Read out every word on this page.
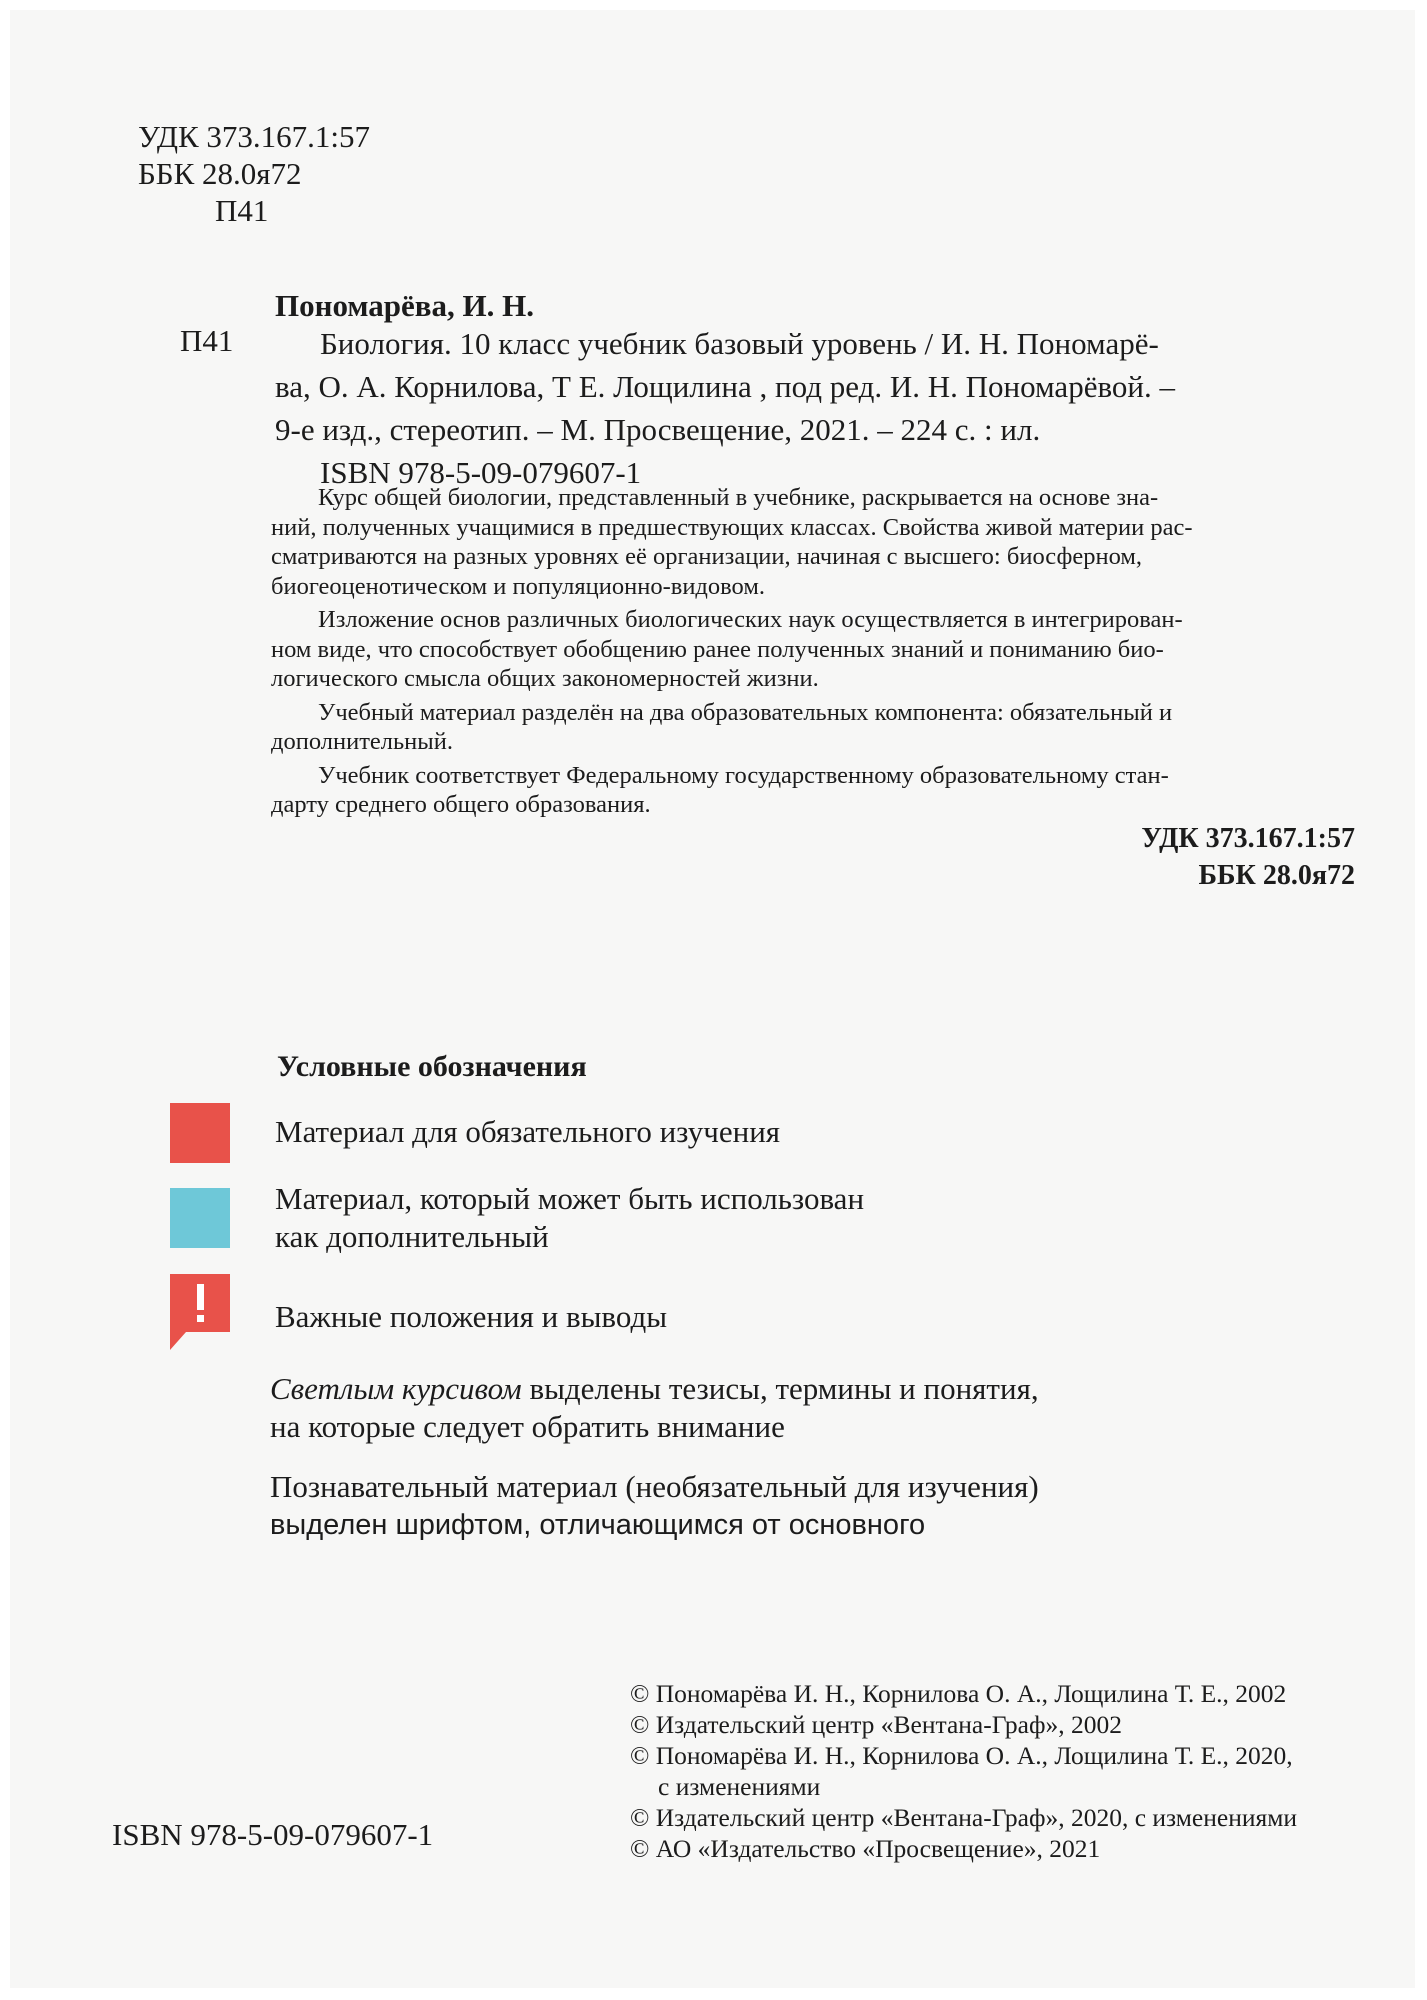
УДК 373.167.1:57
ББК 28.0я72
П41
Пономарёва, И. Н.
П41	Биология. 10 класс учебник базовый уровень / И. Н. Пономарё-
ва, О. А. Корнилова, Т Е. Лощилина , под ред. И. Н. Пономарёвой. –
9-е изд., стереотип. – М. Просвещение, 2021. – 224 с. : ил.
ISBN 978-5-09-079607-1

Курс общей биологии, представленный в учебнике, раскрывается на основе зна-
ний, полученных учащимися в предшествующих классах. Свойства живой материи рас-
сматриваются на разных уровнях её организации, начиная с высшего: биосферном,
биогеоценотическом и популяционно-видовом.

Изложение основ различных биологических наук осуществляется в интегрирован-
ном виде, что способствует обобщению ранее полученных знаний и пониманию био-
логического смысла общих закономерностей жизни.

Учебный материал разделён на два образовательных компонента: обязательный и
дополнительный.

Учебник соответствует Федеральному государственному образовательному стан-
дарту среднего общего образования.

УДК 373.167.1:57
ББК 28.0я72
Условные обозначения
Материал для обязательного изучения
Материал, который может быть использован
как дополнительный
Важные положения и выводы
Светлым курсивом выделены тезисы, термины и понятия,
на которые следует обратить внимание
Познавательный материал (необязательный для изучения)
выделен шрифтом, отличающимся от основного
ISBN 978-5-09-079607-1
© Пономарёва И. Н., Корнилова О. А., Лощилина Т. Е., 2002
© Издательский центр «Вентана-Граф», 2002
© Пономарёва И. Н., Корнилова О. А., Лощилина Т. Е., 2020,
с изменениями
© Издательский центр «Вентана-Граф», 2020, с изменениями
© АО «Издательство «Просвещение», 2021
